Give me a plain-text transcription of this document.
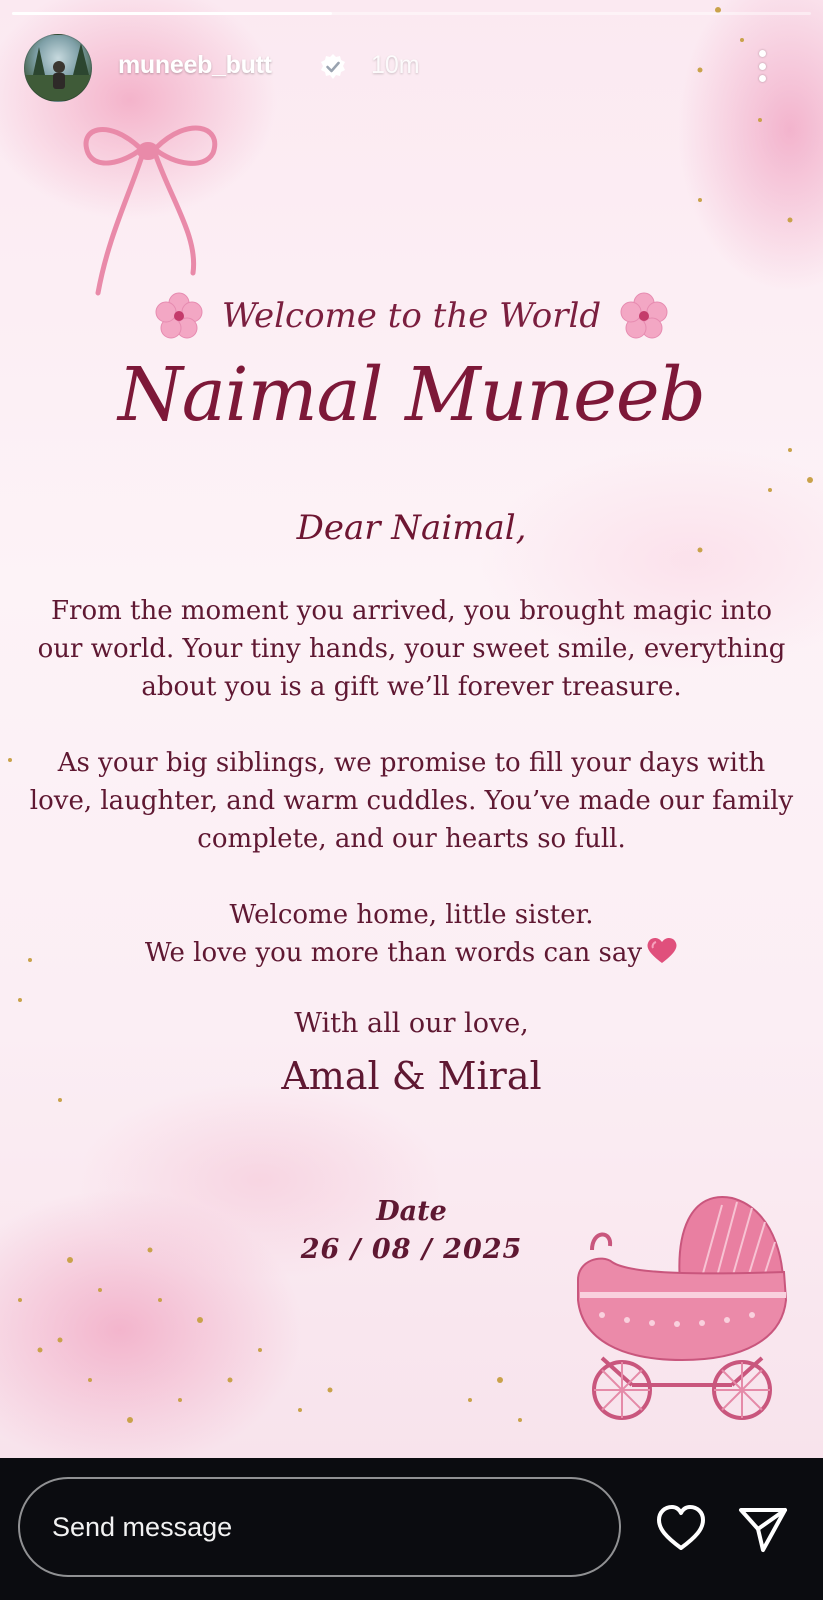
muneeb_butt	10m
Welcome to the World
Naimal Muneeb
Dear Naimal,
From the moment you arrived, you brought magic into our world. Your tiny hands, your sweet smile, everything about you is a gift we’ll forever treasure.
As your big siblings, we promise to fill your days with love, laughter, and warm cuddles. You’ve made our family complete, and our hearts so full.
Welcome home, little sister.
We love you more than words can say
With all our love,
Amal & Miral
Date
26 / 08 / 2025
Send message
